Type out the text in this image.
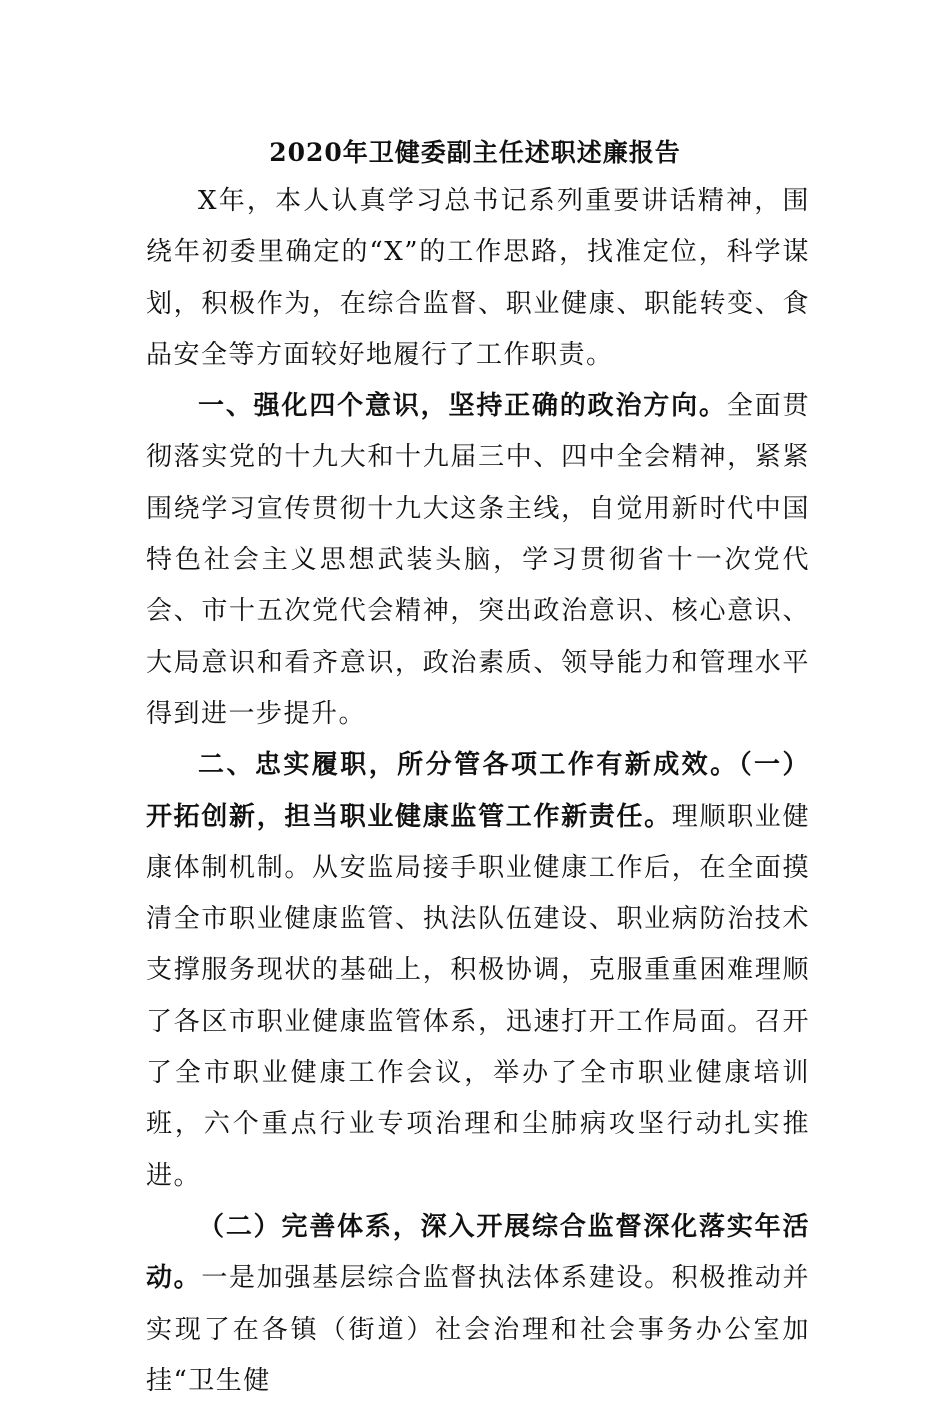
2020年卫健委副主任述职述廉报告

X年，本人认真学习总书记系列重要讲话精神，围绕年初委里确定的“X”的工作思路，找准定位，科学谋划，积极作为，在综合监督、职业健康、职能转变、食品安全等方面较好地履行了工作职责。

一、强化四个意识，坚持正确的政治方向。全面贯彻落实党的十九大和十九届三中、四中全会精神，紧紧围绕学习宣传贯彻十九大这条主线，自觉用新时代中国特色社会主义思想武装头脑，学习贯彻省十一次党代会、市十五次党代会精神，突出政治意识、核心意识、大局意识和看齐意识，政治素质、领导能力和管理水平得到进一步提升。

二、忠实履职，所分管各项工作有新成效。（一）开拓创新，担当职业健康监管工作新责任。理顺职业健康体制机制。从安监局接手职业健康工作后，在全面摸清全市职业健康监管、执法队伍建设、职业病防治技术支撑服务现状的基础上，积极协调，克服重重困难理顺了各区市职业健康监管体系，迅速打开工作局面。召开了全市职业健康工作会议，举办了全市职业健康培训班，六个重点行业专项治理和尘肺病攻坚行动扎实推进。

（二）完善体系，深入开展综合监督深化落实年活动。一是加强基层综合监督执法体系建设。积极推动并实现了在各镇（街道）社会治理和社会事务办公室加挂“卫生健
